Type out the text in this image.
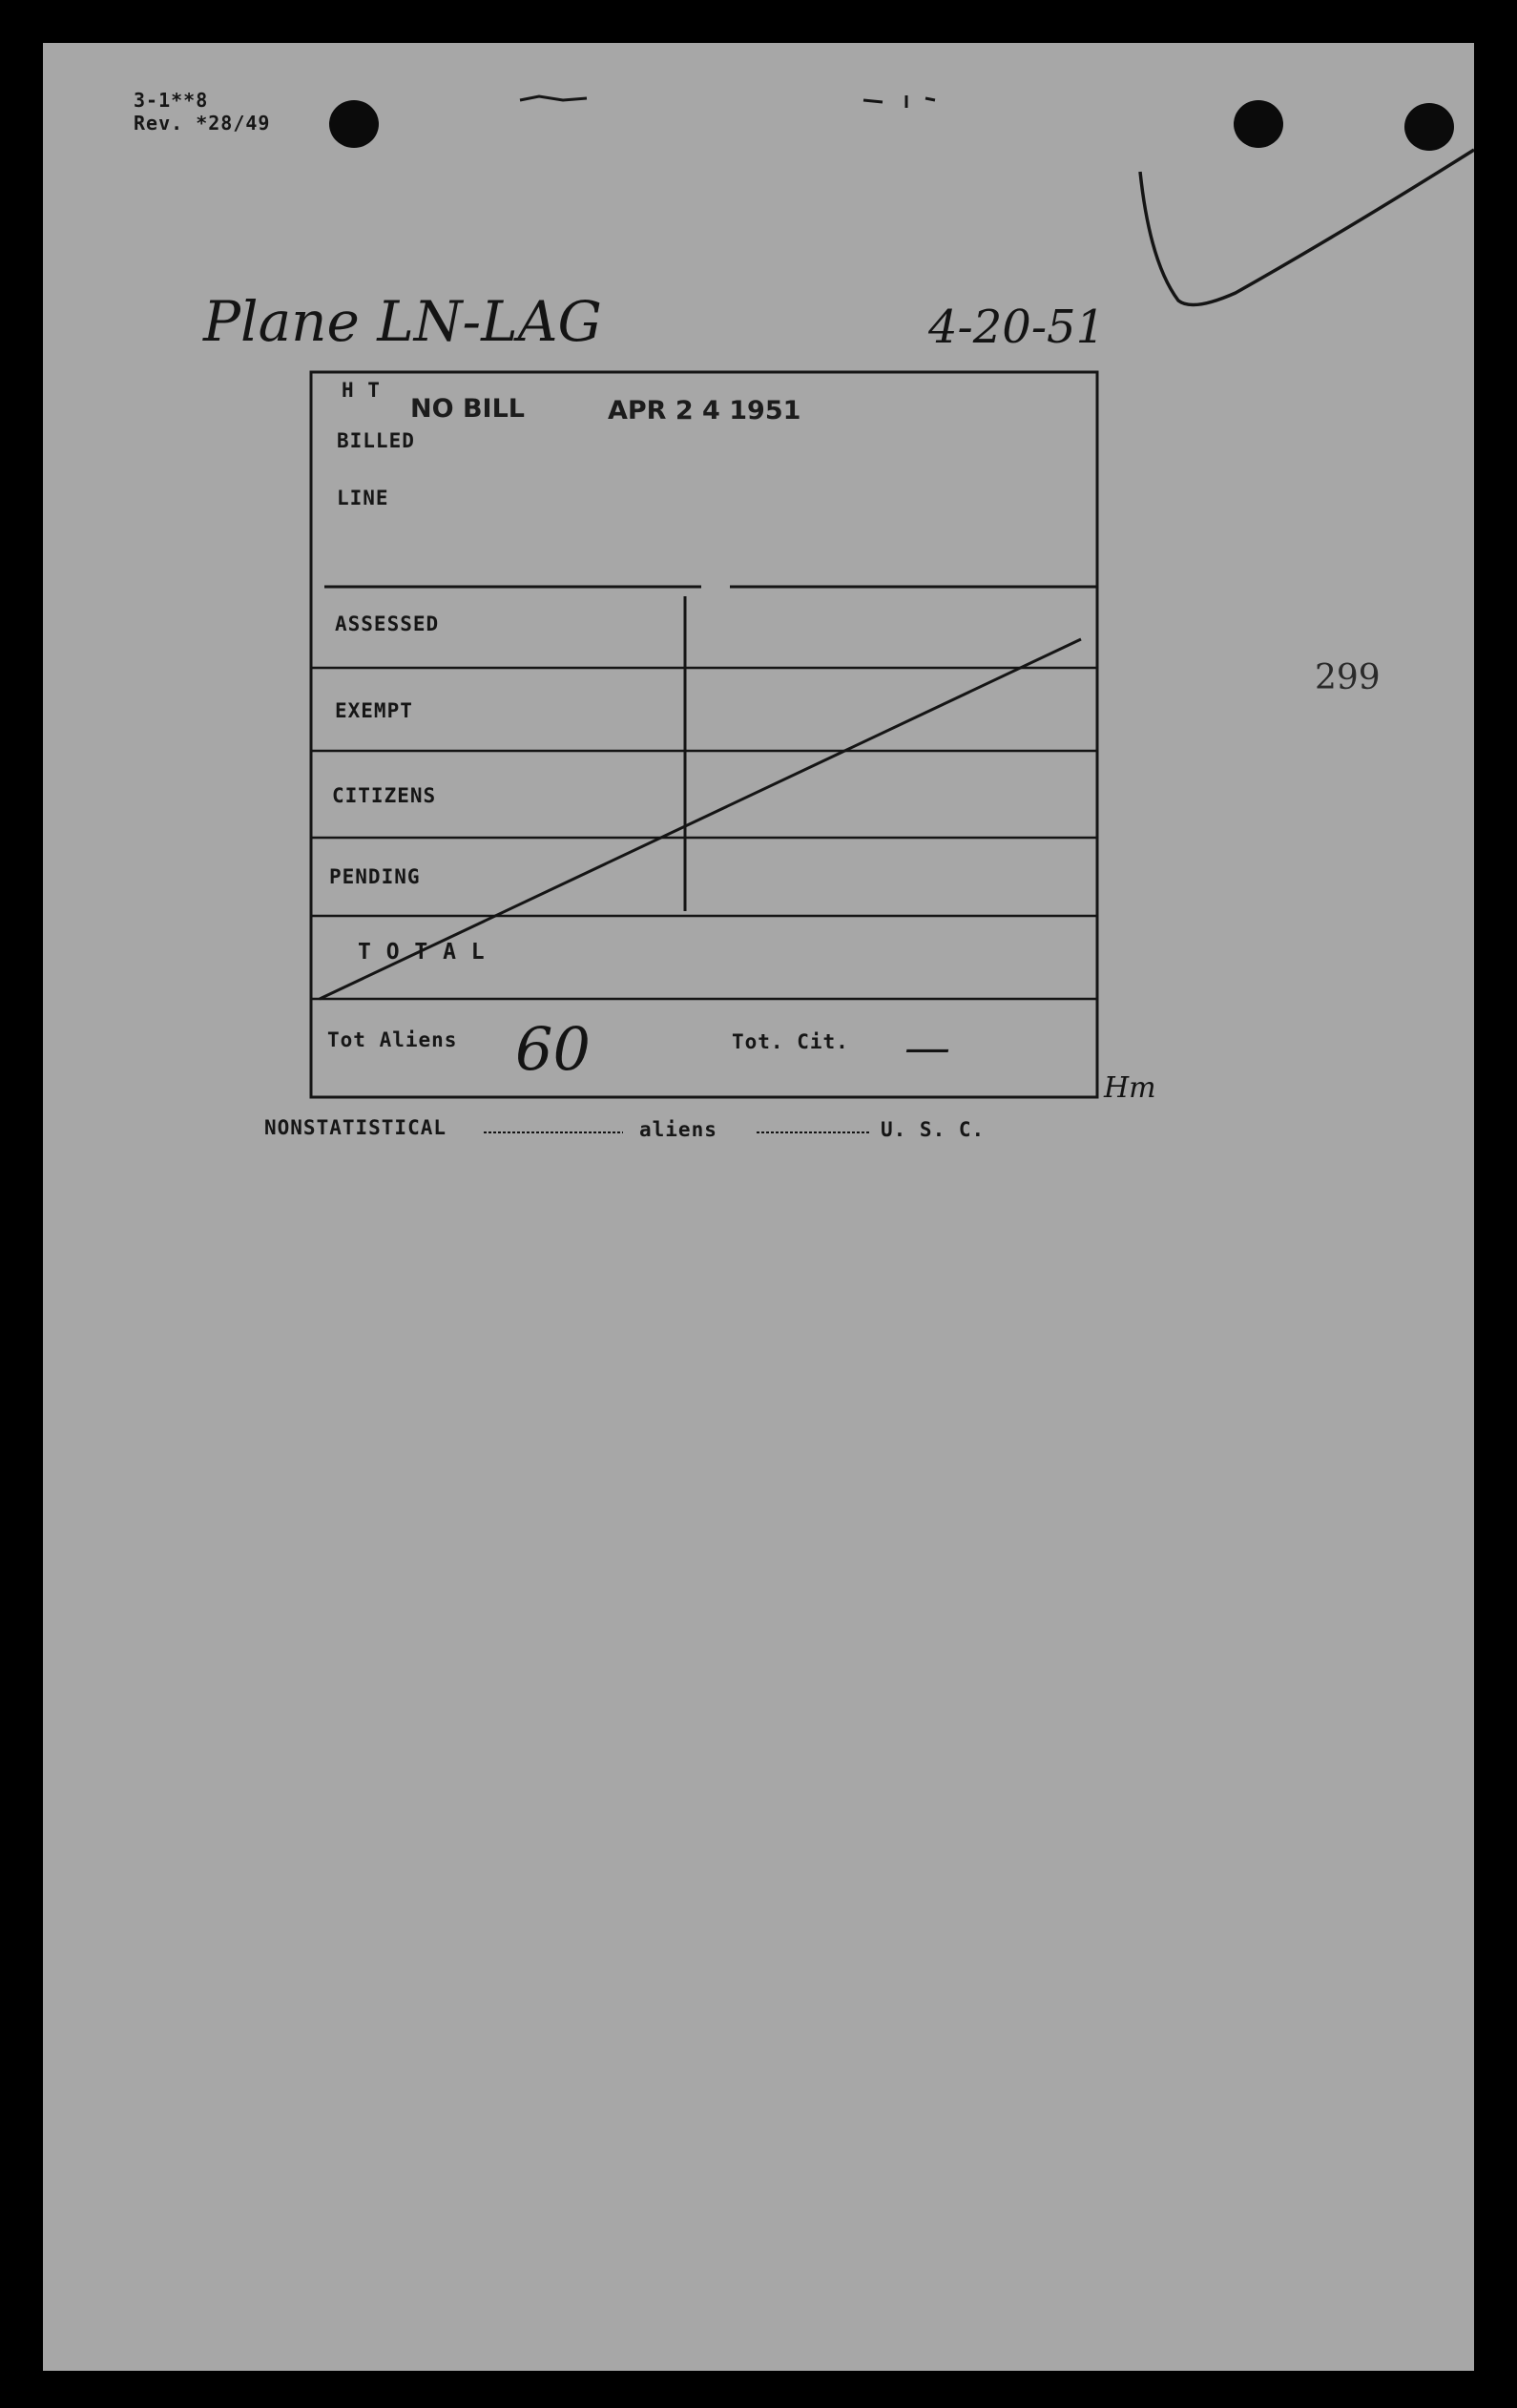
3-1**8
Rev. *28/49
Plane LN-LAG	4-20-51
NO BILL	APR 2 4 1951
H T
BILLED
LINE
ASSESSED
EXEMPT
CITIZENS
PENDING
T O T A L
Tot Aliens 60	Tot. Cit. —
Hm
NONSTATISTICAL	aliens	U. S. C.
299
